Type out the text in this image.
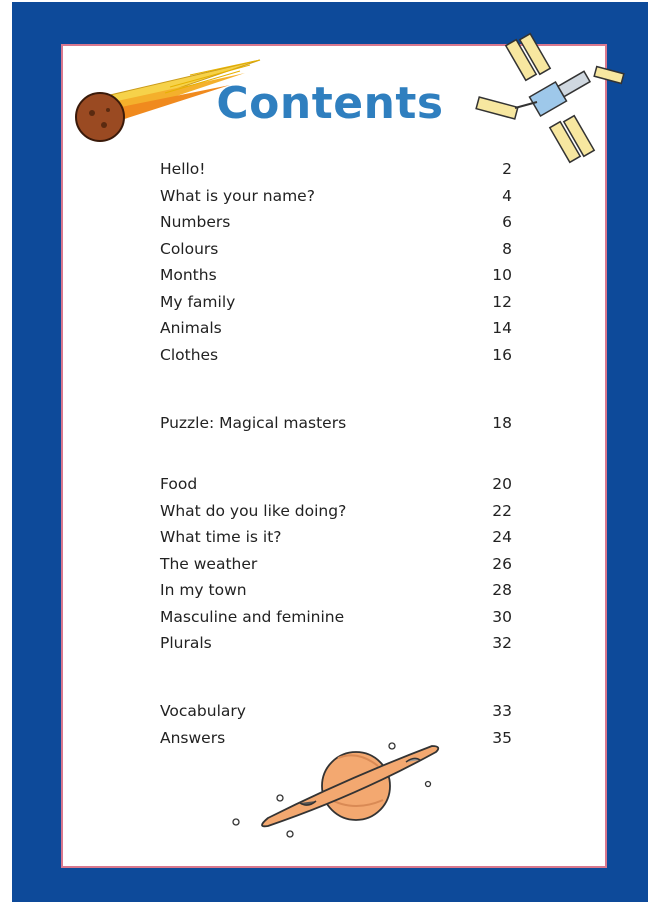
Contents
Hello!	2
What is your name?	4
Numbers	6
Colours	8
Months	10
My family	12
Animals	14
Clothes	16
Puzzle: Magical masters	18
Food	20
What do you like doing?	22
What time is it?	24
The weather	26
In my town	28
Masculine and feminine	30
Plurals	32
Vocabulary	33
Answers	35
